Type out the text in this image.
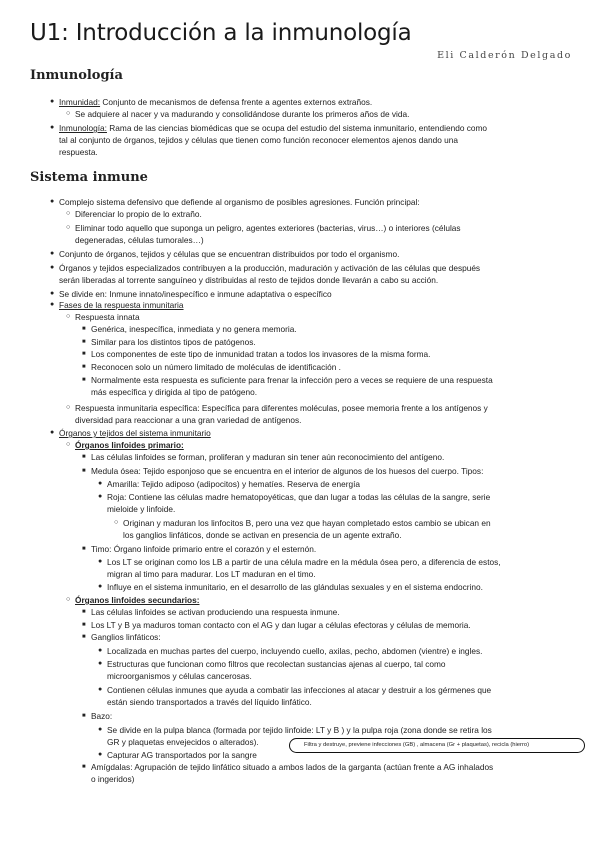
U1: Introducción a la inmunología
Eli Calderón Delgado
Inmunología
Sistema inmune
●
Inmunidad: Conjunto de mecanismos de defensa frente a agentes externos extraños.
○
Se adquiere al nacer y va madurando y consolidándose durante los primeros años de vida.
●
Inmunología: Rama de las ciencias biomédicas que se ocupa del estudio del sistema inmunitario, entendiendo como
tal al conjunto de órganos, tejidos y células que tienen como función reconocer elementos ajenos dando una
respuesta.
●
Complejo sistema defensivo que defiende al organismo de posibles agresiones. Función principal:
○
Diferenciar lo propio de lo extraño.
○
Eliminar todo aquello que suponga un peligro, agentes exteriores (bacterias, virus…) o interiores (células
degeneradas, células tumorales…)
●
Conjunto de órganos, tejidos y células que se encuentran distribuidos por todo el organismo.
●
Órganos y tejidos especializados contribuyen a la producción, maduración y activación de las células que después
serán liberadas al torrente sanguíneo y distribuidas al resto de tejidos donde llevarán a cabo su acción.
●
Se divide en: Inmune innato/inespecífico e inmune adaptativa o específico
●
Fases de la respuesta inmunitaria
○
Respuesta innata
■
Genérica, inespecífica, inmediata y no genera memoria.
■
Similar para los distintos tipos de patógenos.
■
Los componentes de este tipo de inmunidad tratan a todos los invasores de la misma forma.
■
Reconocen solo un número limitado de moléculas de identificación .
■
Normalmente esta respuesta es suficiente para frenar la infección pero a veces se requiere de una respuesta
más específica y dirigida al tipo de patógeno.
○
Respuesta inmunitaria específica: Específica para diferentes moléculas, posee memoria frente a los antígenos y
diversidad para reaccionar a una gran variedad de antígenos.
●
Órganos y tejidos del sistema inmunitario
○
Órganos linfoides primario:
■
Las células linfoides se forman, proliferan y maduran sin tener aún reconocimiento del antígeno.
■
Medula ósea: Tejido esponjoso que se encuentra en el interior de algunos de los huesos del cuerpo. Tipos:
●
Amarilla: Tejido adiposo (adipocitos) y hematíes. Reserva de energía
●
Roja: Contiene las células madre hematopoyéticas, que dan lugar a todas las células de la sangre, serie
mieloide y linfoide.
○
Originan y maduran los linfocitos B, pero una vez que hayan completado estos cambio se ubican en
los ganglios linfáticos, donde se activan en presencia de un agente extraño.
■
Timo: Órgano linfoide primario entre el corazón y el esternón.
●
Los LT se originan como los LB a partir de una célula madre en la médula ósea pero, a diferencia de estos,
migran al timo para madurar. Los LT maduran en el timo.
●
Influye en el sistema inmunitario, en el desarrollo de las glándulas sexuales y en el sistema endocrino.
○
Órganos linfoides secundarios:
■
Las células linfoides se activan produciendo una respuesta inmune.
■
Los LT y B ya maduros toman contacto con el AG y dan lugar a células efectoras y células de memoria.
■
Ganglios linfáticos:
●
Localizada en muchas partes del cuerpo, incluyendo cuello, axilas, pecho, abdomen (vientre) e ingles.
●
Estructuras que funcionan como filtros que recolectan sustancias ajenas al cuerpo, tal como
microorganismos y células cancerosas.
●
Contienen células inmunes que ayuda a combatir las infecciones al atacar y destruir a los gérmenes que
están siendo transportados a través del líquido linfático.
■
Bazo:
●
Se divide en la pulpa blanca (formada por tejido linfoide: LT y B ) y la pulpa roja (zona donde se retira los
GR y plaquetas envejecidos o alterados).
●
Capturar AG transportados por la sangre
■
Amígdalas: Agrupación de tejido linfático situado a ambos lados de la garganta (actúan frente a AG inhalados
o ingeridos)
Filtra y destruye, previene infecciones (GB) , almacena (Gr + plaquetas), recicla (hierro)
